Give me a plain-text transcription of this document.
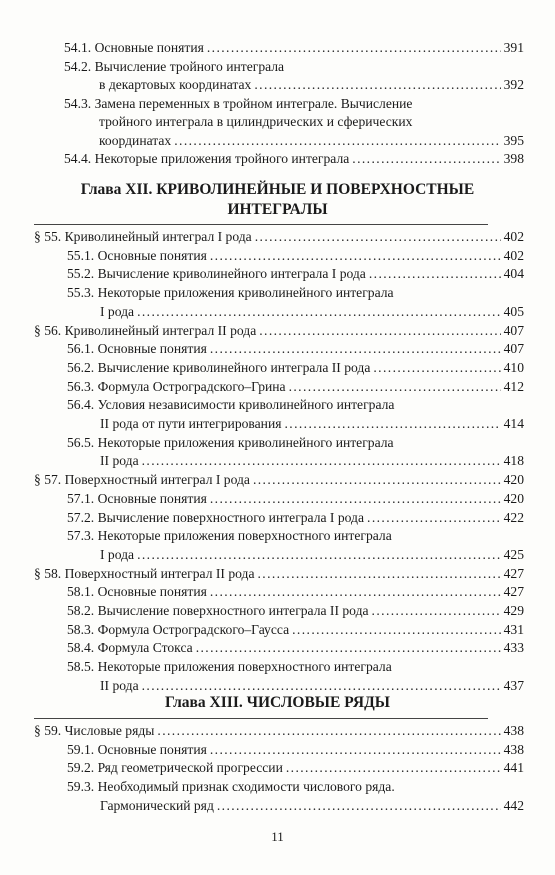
54.1. Основные понятия . . .	391
54.2. Вычисление тройного интеграла
в декартовых координатах . . .	392
54.3. Замена переменных в тройном интеграле. Вычисление
тройного интеграла в цилиндрических и сферических
координатах . . .	395
54.4. Некоторые приложения тройного интеграла . . .	398
Глава XII. КРИВОЛИНЕЙНЫЕ И ПОВЕРХНОСТНЫЕ
ИНТЕГРАЛЫ
§ 55. Криволинейный интеграл I рода . . .	402
55.1. Основные понятия . . .	402
55.2. Вычисление криволинейного интеграла I рода . . .	404
55.3. Некоторые приложения криволинейного интеграла
I рода . . .	405
§ 56. Криволинейный интеграл II рода . . .	407
56.1. Основные понятия . . .	407
56.2. Вычисление криволинейного интеграла II рода . . .	410
56.3. Формула Остроградского–Грина . . .	412
56.4. Условия независимости криволинейного интеграла
II рода от пути интегрирования . . .	414
56.5. Некоторые приложения криволинейного интеграла
II рода . . .	418
§ 57. Поверхностный интеграл I рода . . .	420
57.1. Основные понятия . . .	420
57.2. Вычисление поверхностного интеграла I рода . . .	422
57.3. Некоторые приложения поверхностного интеграла
I рода . . .	425
§ 58. Поверхностный интеграл II рода . . .	427
58.1. Основные понятия . . .	427
58.2. Вычисление поверхностного интеграла II рода . . .	429
58.3. Формула Остроградского–Гаусса . . .	431
58.4. Формула Стокса . . .	433
58.5. Некоторые приложения поверхностного интеграла
II рода . . .	437
Глава XIII. ЧИСЛОВЫЕ РЯДЫ
§ 59. Числовые ряды . . .	438
59.1. Основные понятия . . .	438
59.2. Ряд геометрической прогрессии . . .	441
59.3. Необходимый признак сходимости числового ряда.
Гармонический ряд . . .	442
11
